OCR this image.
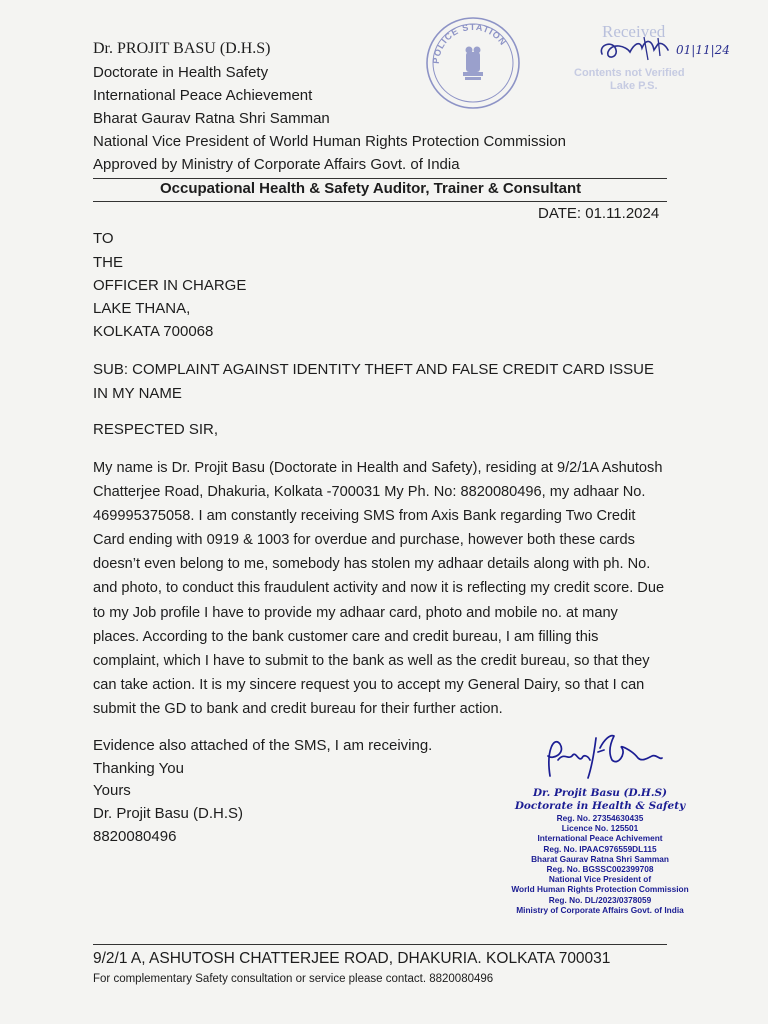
Dr. PROJIT BASU (D.H.S)
Doctorate in Health Safety
International Peace Achievement
Bharat Gaurav Ratna Shri Samman
National Vice President of World Human Rights Protection Commission
Approved by Ministry of Corporate Affairs Govt. of India
Occupational Health & Safety Auditor, Trainer & Consultant
DATE: 01.11.2024
POLICE STATION
Received
01|11|24
Contents not Verified
Lake P.S.
TO
THE
OFFICER IN CHARGE
LAKE THANA,
KOLKATA 700068
SUB: COMPLAINT AGAINST IDENTITY THEFT AND FALSE CREDIT CARD ISSUE IN MY NAME
RESPECTED SIR,
My name is Dr. Projit Basu (Doctorate in Health and Safety), residing at 9/2/1A Ashutosh Chatterjee Road, Dhakuria, Kolkata -700031 My Ph. No: 8820080496, my adhaar No. 469995375058. I am constantly receiving SMS from Axis Bank regarding Two Credit Card ending with 0919 & 1003 for overdue and purchase, however both these cards doesn’t even belong to me, somebody has stolen my adhaar details along with ph. No. and photo, to conduct this fraudulent activity and now it is reflecting my credit score. Due to my Job profile I have to provide my adhaar card, photo and mobile no. at many places. According to the bank customer care and credit bureau, I am filling this complaint, which I have to submit to the bank as well as the credit bureau, so that they can take action. It is my sincere request you to accept my General Dairy, so that I can submit the GD to bank and credit bureau for their further action.
Evidence also attached of the SMS, I am receiving.
Thanking You
Yours
Dr. Projit Basu (D.H.S)
8820080496
Dr. Projit Basu (D.H.S)
Doctorate in Health & Safety
Reg. No. 27354630435
Licence No. 125501
International Peace Achivement
Reg. No. IPAAC976559DL115
Bharat Gaurav Ratna Shri Samman
Reg. No. BGSSC002399708
National Vice President of
World Human Rights Protection Commission
Reg. No. DL/2023/0378059
Ministry of Corporate Affairs Govt. of India
9/2/1 A, ASHUTOSH CHATTERJEE ROAD, DHAKURIA. KOLKATA 700031
For complementary Safety consultation or service please contact. 8820080496
